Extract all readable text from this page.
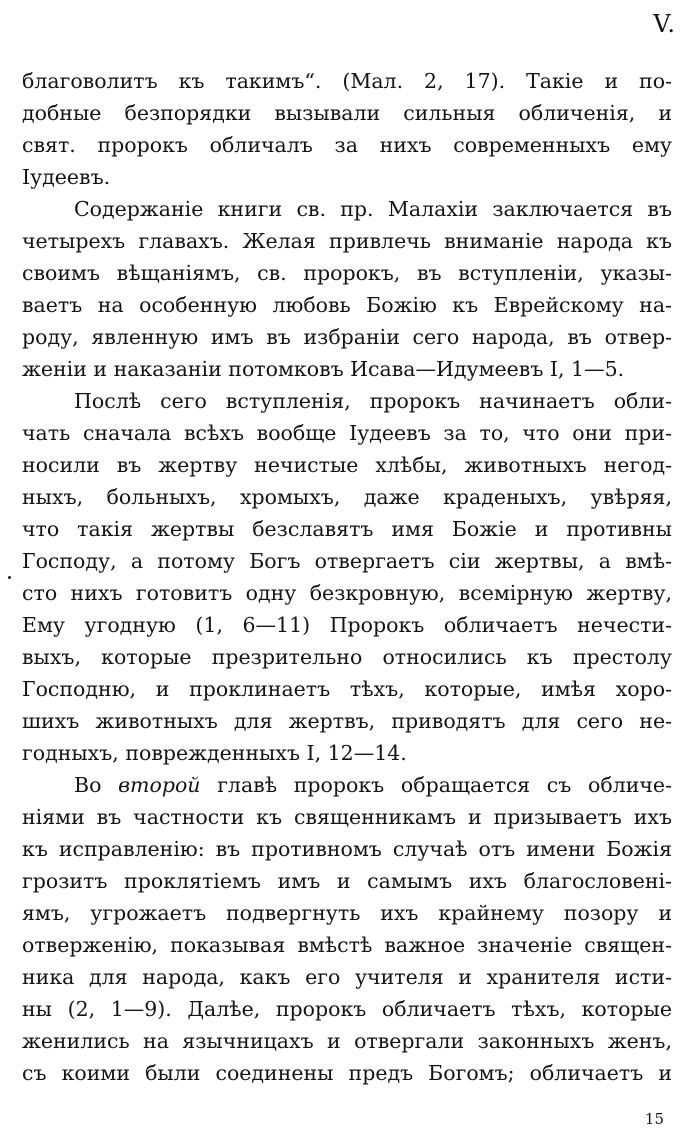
V.
благоволитъ къ такимъ“. (Мал. 2, 17). Такіе и по-
добные безпорядки вызывали сильныя обличенія, и
свят. пророкъ обличалъ за нихъ современныхъ ему
Іудеевъ.
Содержаніе книги св. пр. Малахіи заключается въ
четырехъ главахъ. Желая привлечь вниманіе народа къ
своимъ вѣщаніямъ, св. пророкъ, въ вступленіи, указы-
ваетъ на особенную любовь Божію къ Еврейскому на-
роду, явленную имъ въ избраніи сего народа, въ отвер-
женіи и наказаніи потомковъ Исава—Идумеевъ I, 1—5.
Послѣ сего вступленія, пророкъ начинаетъ обли-
чать сначала всѣхъ вообще Іудеевъ за то, что они при-
носили въ жертву нечистые хлѣбы, животныхъ негод-
ныхъ, больныхъ, хромыхъ, даже краденыхъ, увѣряя,
что такія жертвы безславятъ имя Божіе и противны
Господу, а потому Богъ отвергаетъ сіи жертвы, а вмѣ-
сто нихъ готовитъ одну безкровную, всемірную жертву,
Ему угодную (1, 6—11) Пророкъ обличаетъ нечести-
выхъ, которые презрительно относились къ престолу
Господню, и проклинаетъ тѣхъ, которые, имѣя хоро-
шихъ животныхъ для жертвъ, приводятъ для сего не-
годныхъ, поврежденныхъ I, 12—14.
Во второй главѣ пророкъ обращается съ обличе-
ніями въ частности къ священникамъ и призываетъ ихъ
къ исправленію: въ противномъ случаѣ отъ имени Божія
грозитъ проклятіемъ имъ и самымъ ихъ благословені-
ямъ, угрожаетъ подвергнуть ихъ крайнему позору и
отверженію, показывая вмѣстѣ важное значеніе священ-
ника для народа, какъ его учителя и хранителя исти-
ны (2, 1—9). Далѣе, пророкъ обличаетъ тѣхъ, которые
женились на язычницахъ и отвергали законныхъ женъ,
съ коими были соединены предъ Богомъ; обличаетъ и
15
